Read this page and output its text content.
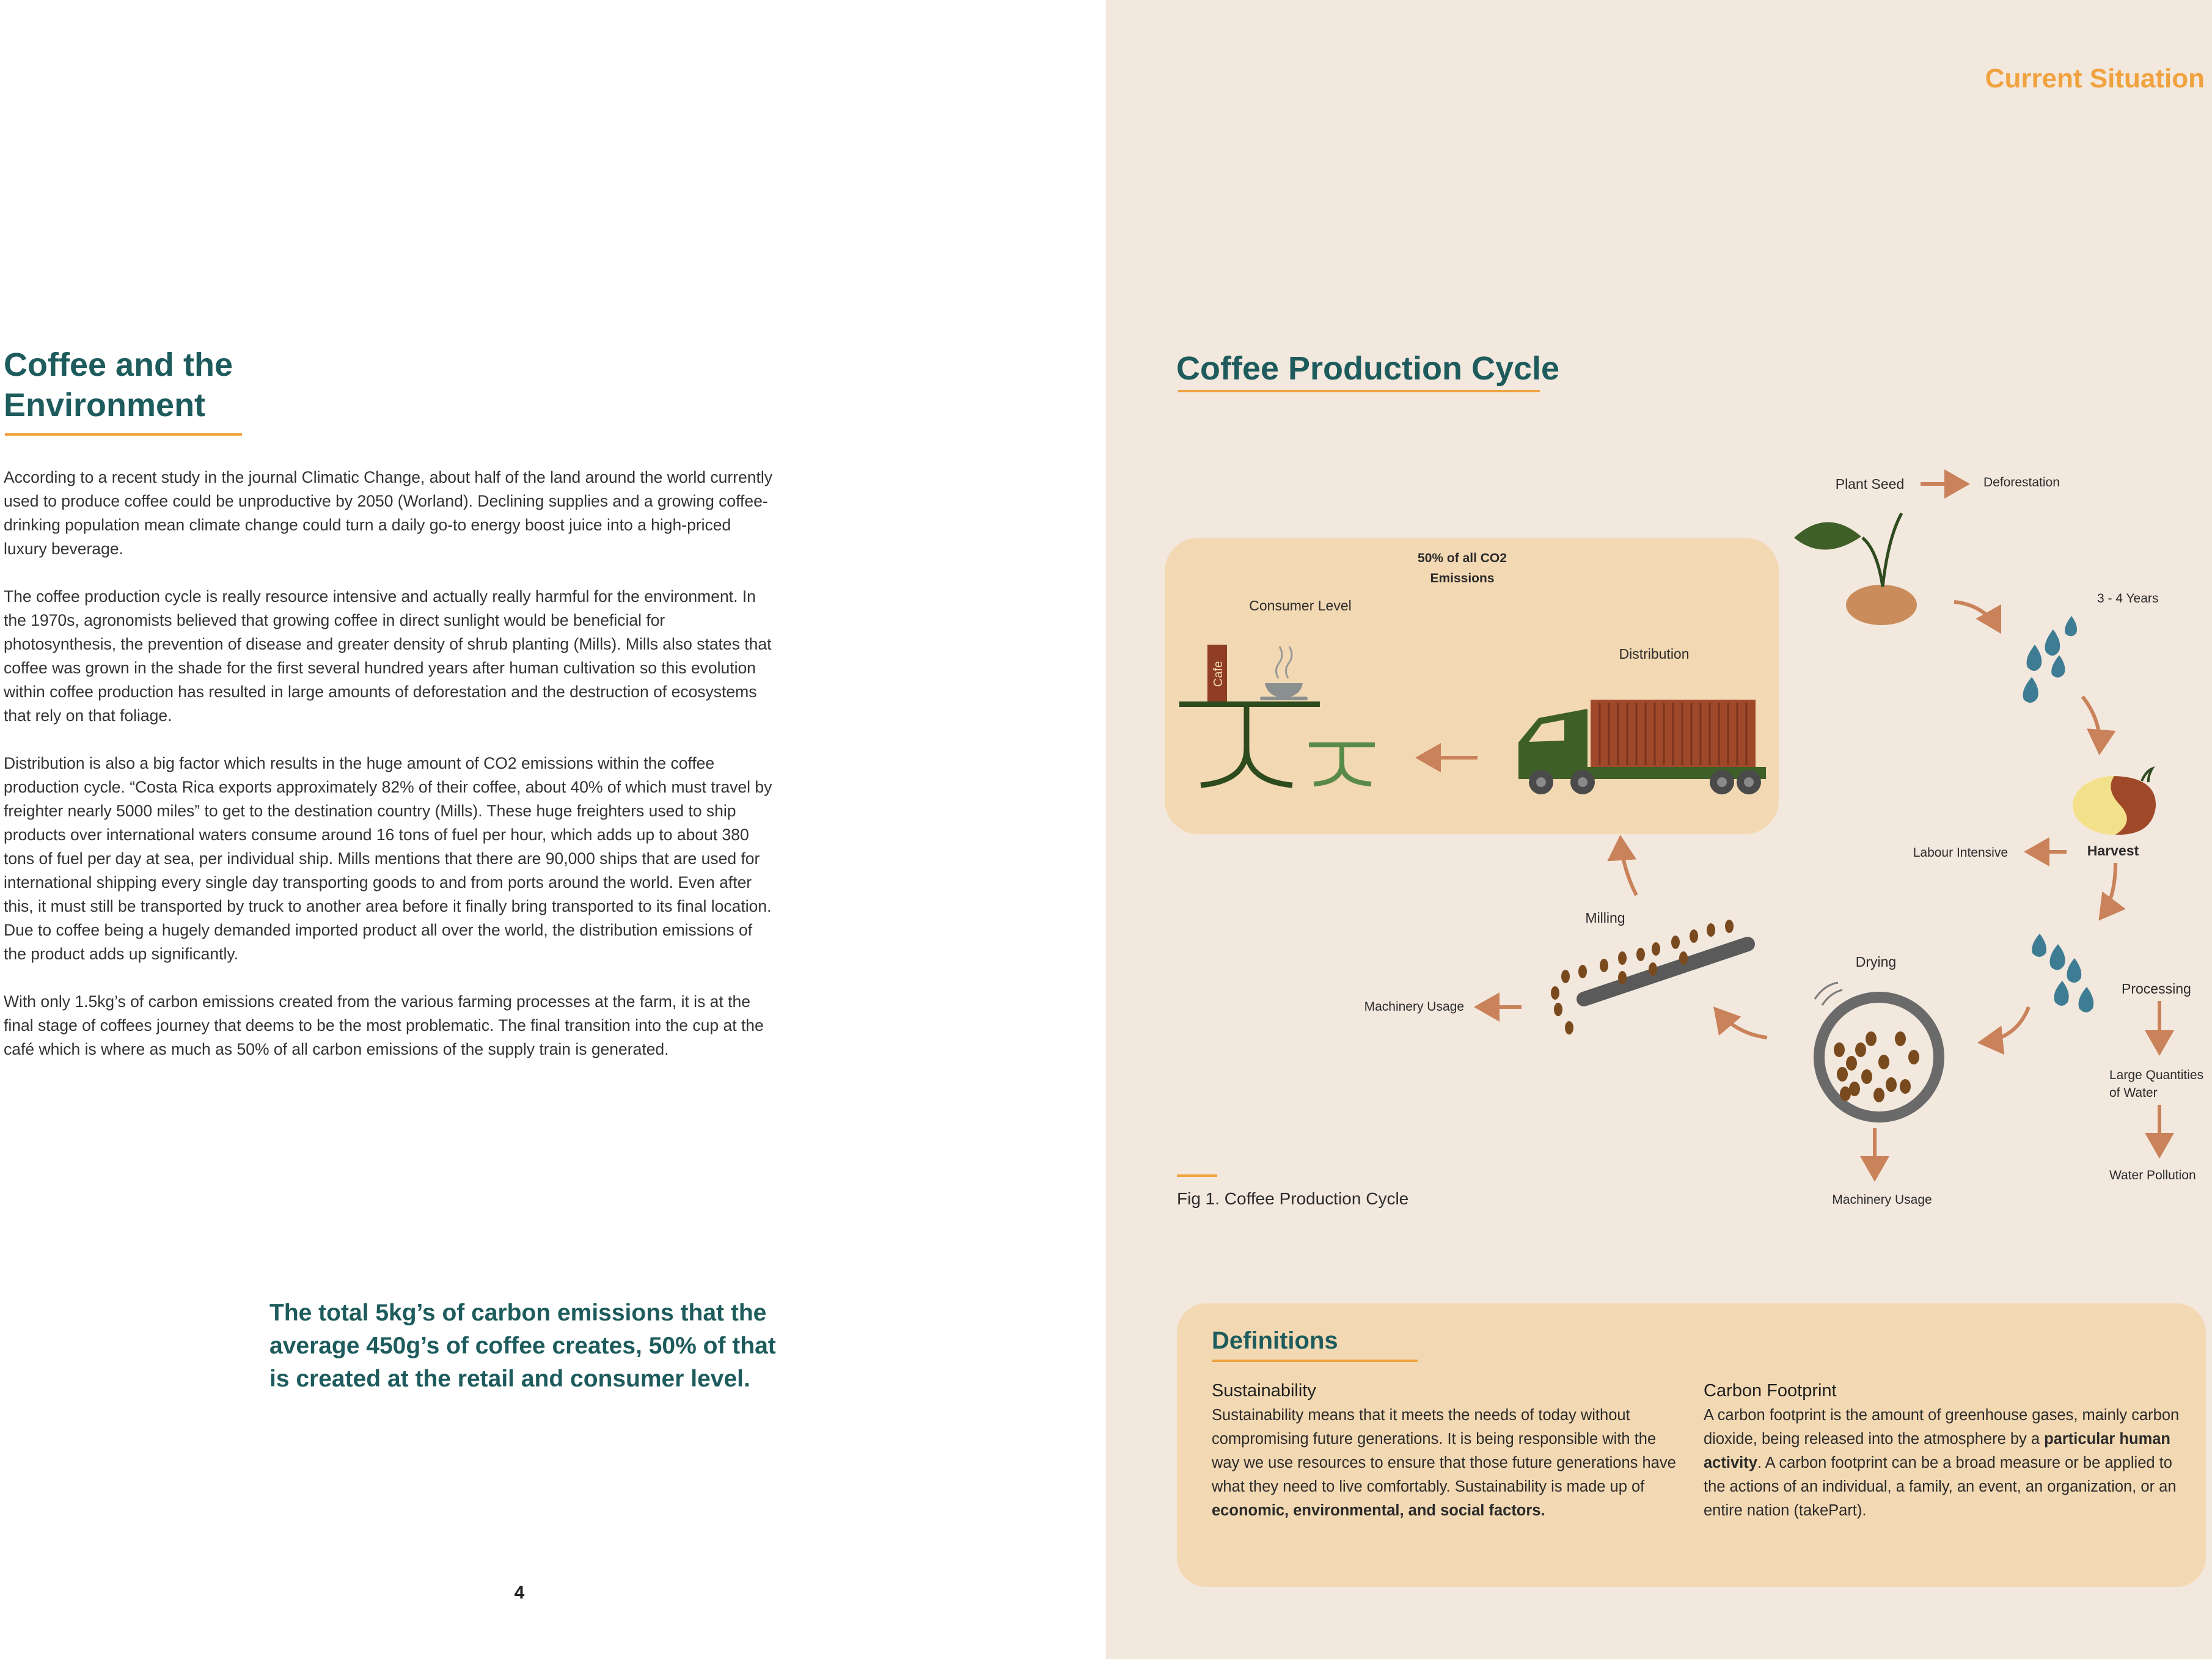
Coffee and the
Environment

According to a recent study in the journal Climatic Change, about half of the land around the world currently used to produce coffee could be unproductive by 2050 (Worland). Declining supplies and a growing coffee-drinking population mean climate change could turn a daily go-to energy boost juice into a high-priced luxury beverage.

The coffee production cycle is really resource intensive and actually really harmful for the environment. In the 1970s, agronomists believed that growing coffee in direct sunlight would be beneficial for photosynthesis, the prevention of disease and greater density of shrub planting (Mills). Mills also states that coffee was grown in the shade for the first several hundred years after human cultivation so this evolution within coffee production has resulted in large amounts of deforestation and the destruction of ecosystems that rely on that foliage.

Distribution is also a big factor which results in the huge amount of CO2 emissions within the coffee production cycle. “Costa Rica exports approximately 82% of their coffee, about 40% of which must travel by freighter nearly 5000 miles” to get to the destination country (Mills). These huge freighters used to ship products over international waters consume around 16 tons of fuel per hour, which adds up to about 380 tons of fuel per day at sea, per individual ship. Mills mentions that there are 90,000 ships that are used for international shipping every single day transporting goods to and from ports around the world. Even after this, it must still be transported by truck to another area before it finally bring transported to its final location. Due to coffee being a hugely demanded imported product all over the world, the distribution emissions of the product adds up significantly.

With only 1.5kg’s of carbon emissions created from the various farming processes at the farm, it is at the final stage of coffees journey that deems to be the most problematic. The final transition into the cup at the café which is where as much as 50% of all carbon emissions of the supply train is generated.

The total 5kg’s of carbon emissions that the average 450g’s of coffee creates, 50% of that is created at the retail and consumer level.
4
Current Situation
Coffee Production Cycle
Cafe
Plant Seed	Deforestation
3 - 4 Years
Harvest
Labour Intensive
Processing
Large Quantities
of Water
Water Pollution
Drying
Machinery Usage
Milling
Machinery Usage
50% of all CO2
Emissions
Consumer Level
Distribution
Fig 1. Coffee Production Cycle
Definitions
Sustainability
Sustainability means that it meets the needs of today without compromising future generations. It is being responsible with the way we use resources to ensure that those future generations have what they need to live comfortably. Sustainability is made up of economic, environmental, and social factors.
Carbon Footprint
A carbon footprint is the amount of greenhouse gases, mainly carbon dioxide, being released into the atmosphere by a particular human activity. A carbon footprint can be a broad measure or be applied to the actions of an individual, a family, an event, an organization, or an entire nation (takePart).
